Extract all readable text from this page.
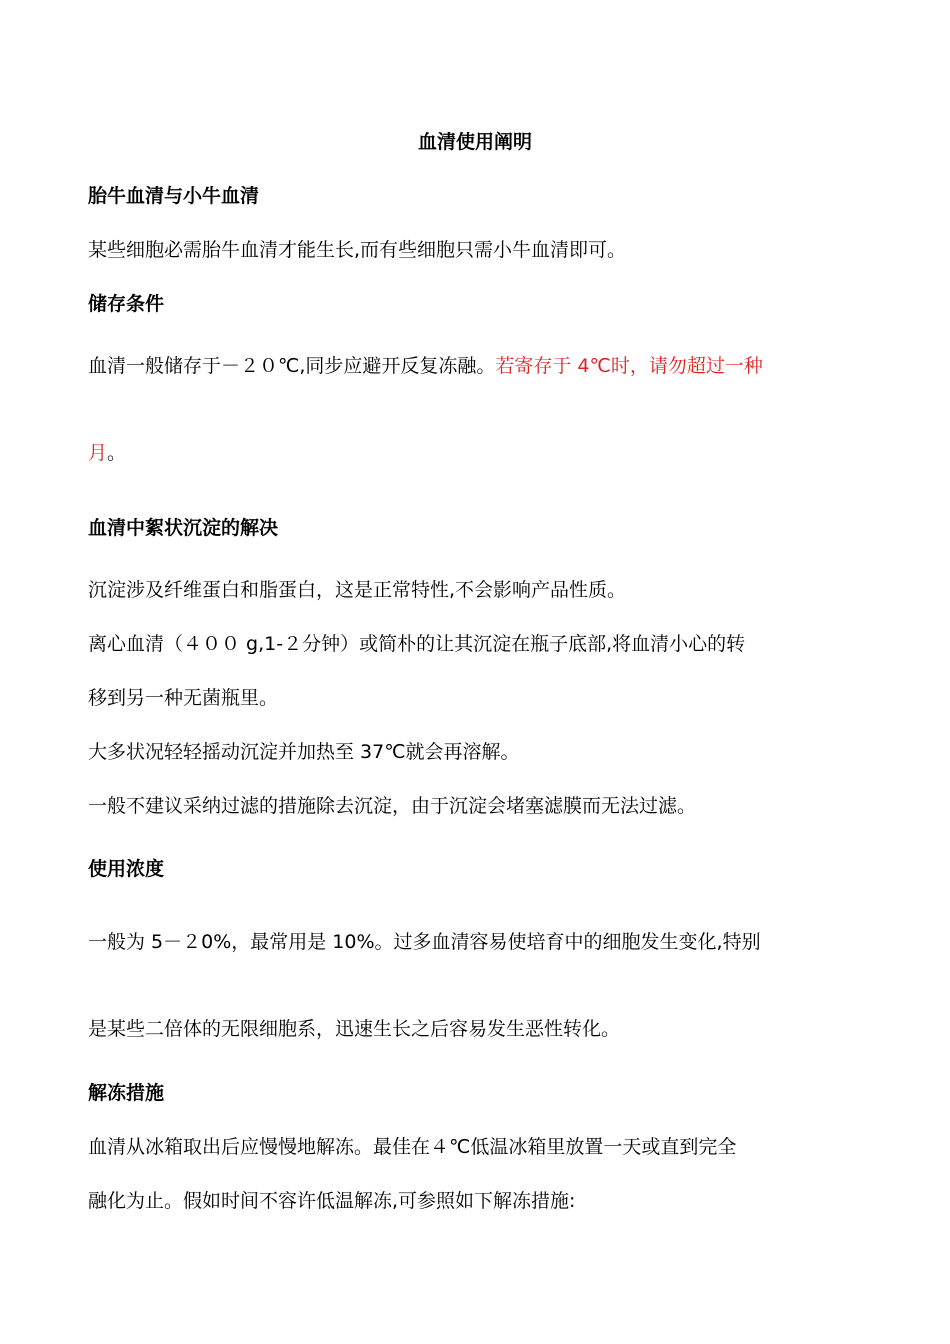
血清使用阐明
胎牛血清与小牛血清
某些细胞必需胎牛血清才能生长,而有些细胞只需小牛血清即可。
储存条件
血清一般储存于－２０℃,同步应避开反复冻融。若寄存于 4℃时，请勿超过一种
月。
血清中絮状沉淀的解决
沉淀涉及纤维蛋白和脂蛋白，这是正常特性,不会影响产品性质。
离心血清（４００ g,1-２分钟）或简朴的让其沉淀在瓶子底部,将血清小心的转
移到另一种无菌瓶里。
大多状况轻轻摇动沉淀并加热至 37℃就会再溶解。
一般不建议采纳过滤的措施除去沉淀，由于沉淀会堵塞滤膜而无法过滤。
使用浓度
一般为 5－２0%，最常用是 10%。过多血清容易使培育中的细胞发生变化,特别
是某些二倍体的无限细胞系，迅速生长之后容易发生恶性转化。
解冻措施
血清从冰箱取出后应慢慢地解冻。最佳在４℃低温冰箱里放置一天或直到完全
融化为止。假如时间不容许低温解冻,可参照如下解冻措施:
